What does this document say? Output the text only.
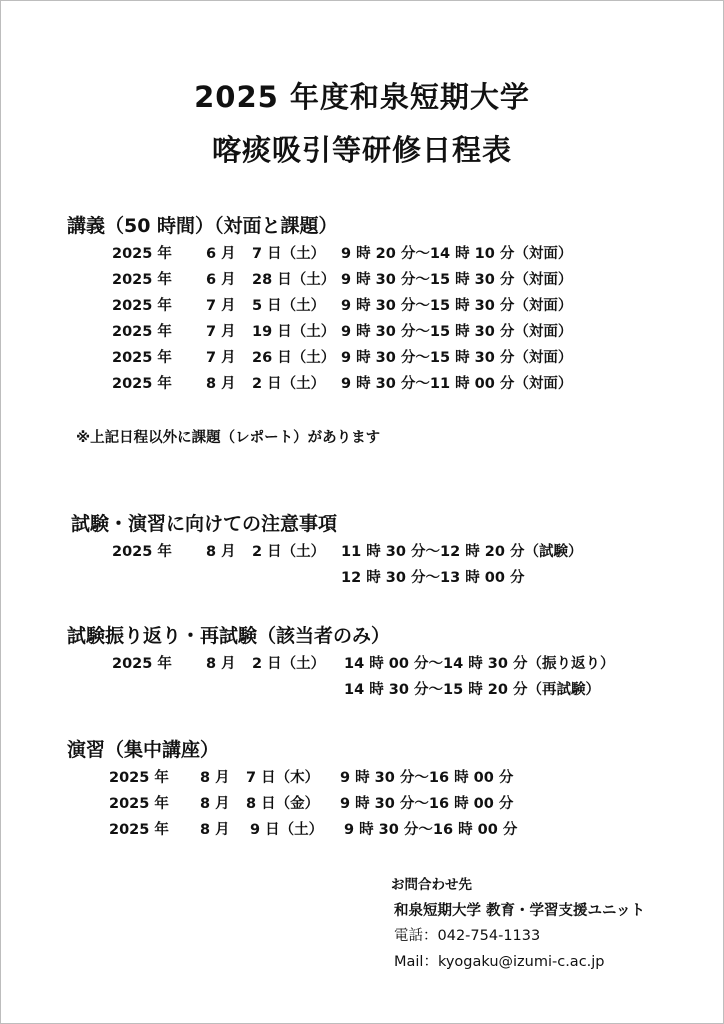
2025 年度和泉短期大学
喀痰吸引等研修日程表
講義（50 時間）（対面と課題）
2025 年 6 月 7 日（土） 9 時 20 分～14 時 10 分（対面）
2025 年 6 月 28 日（土） 9 時 30 分～15 時 30 分（対面）
2025 年 7 月 5 日（土） 9 時 30 分～15 時 30 分（対面）
2025 年 7 月 19 日（土） 9 時 30 分～15 時 30 分（対面）
2025 年 7 月 26 日（土） 9 時 30 分～15 時 30 分（対面）
2025 年 8 月 2 日（土） 9 時 30 分～11 時 00 分（対面）
※上記日程以外に課題（レポート）があります
試験・演習に向けての注意事項
2025 年 8 月 2 日（土） 11 時 30 分～12 時 20 分（試験）
12 時 30 分～13 時 00 分
試験振り返り・再試験（該当者のみ）
2025 年 8 月 2 日（土） 14 時 00 分～14 時 30 分（振り返り）
14 時 30 分～15 時 20 分（再試験）
演習（集中講座）
2025 年 8 月 7 日（木） 9 時 30 分～16 時 00 分
2025 年 8 月 8 日（金） 9 時 30 分～16 時 00 分
2025 年 8 月 9 日（土） 9 時 30 分～16 時 00 分
お問合わせ先
和泉短期大学 教育・学習支援ユニット
電話：042-754-1133
Mail：kyogaku@izumi-c.ac.jp
